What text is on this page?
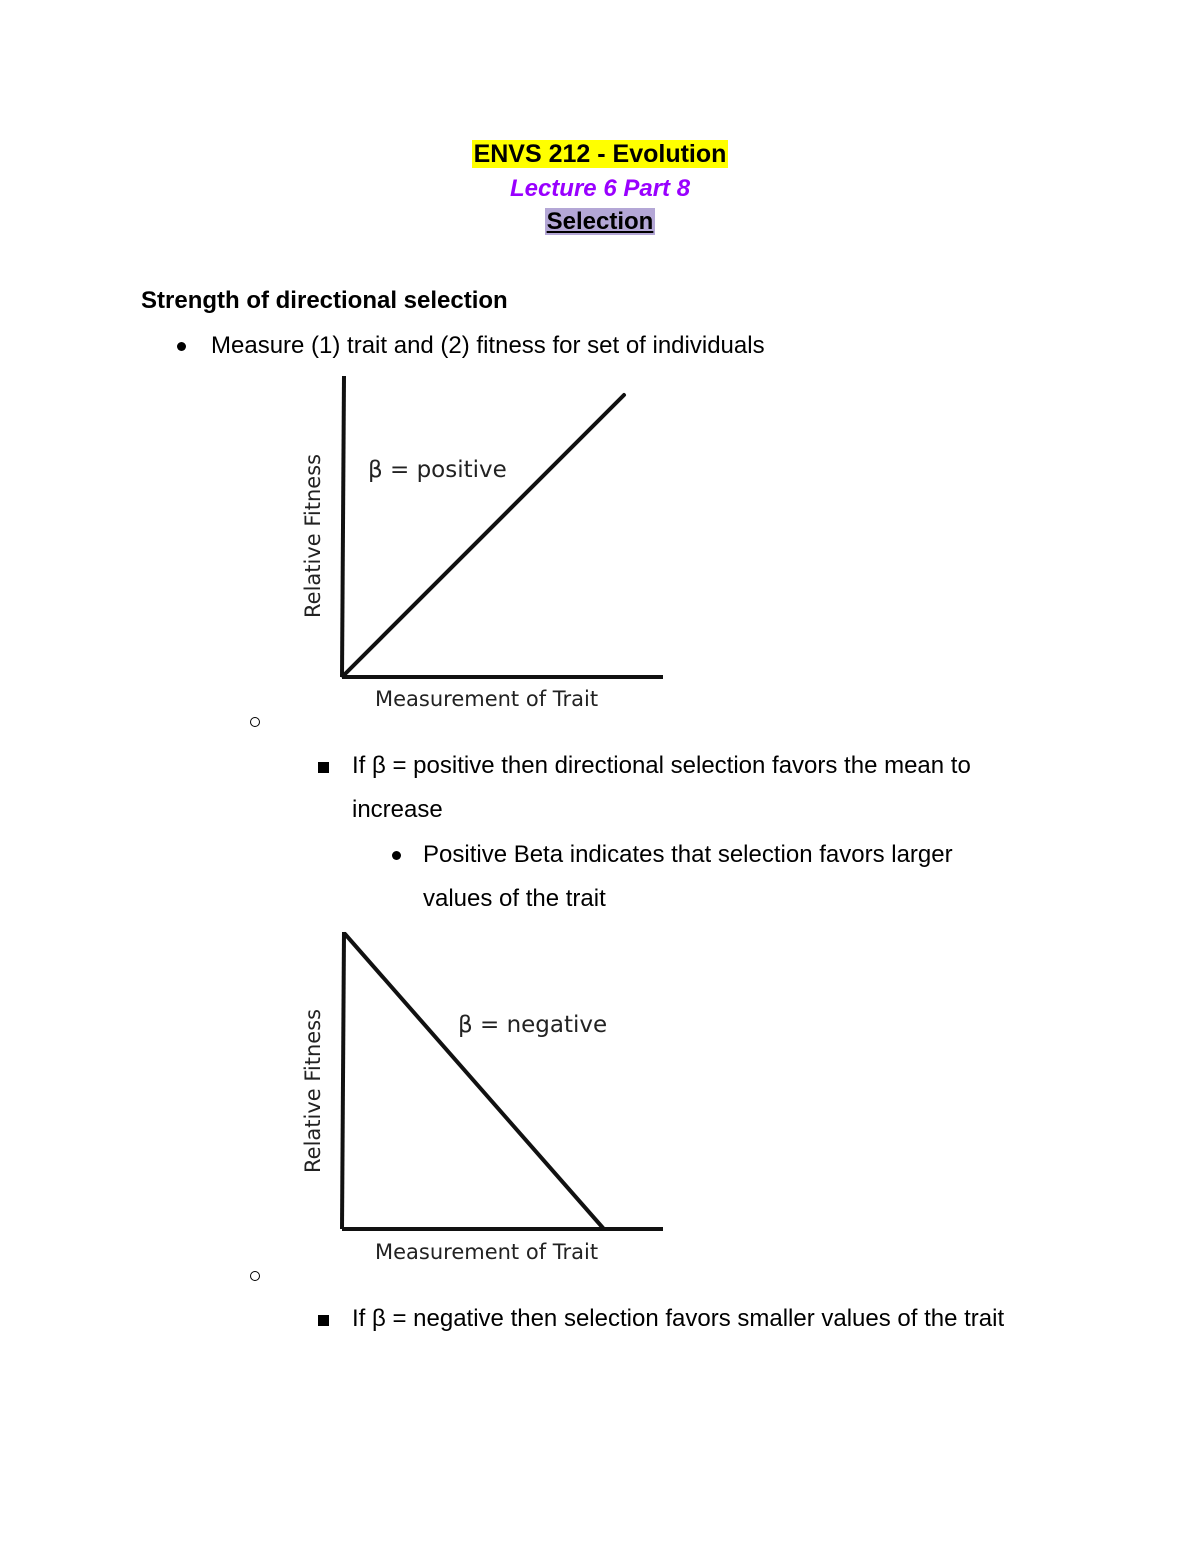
ENVS 212 - Evolution
Lecture 6 Part 8
Selection
Strength of directional selection
Measure (1) trait and (2) fitness for set of individuals
β = positive
Measurement of Trait
Relative Fitness
If β = positive then directional selection favors the mean to
increase
Positive Beta indicates that selection favors larger
values of the trait
β = negative
Measurement of Trait
Relative Fitness
If β = negative then selection favors smaller values of the trait
